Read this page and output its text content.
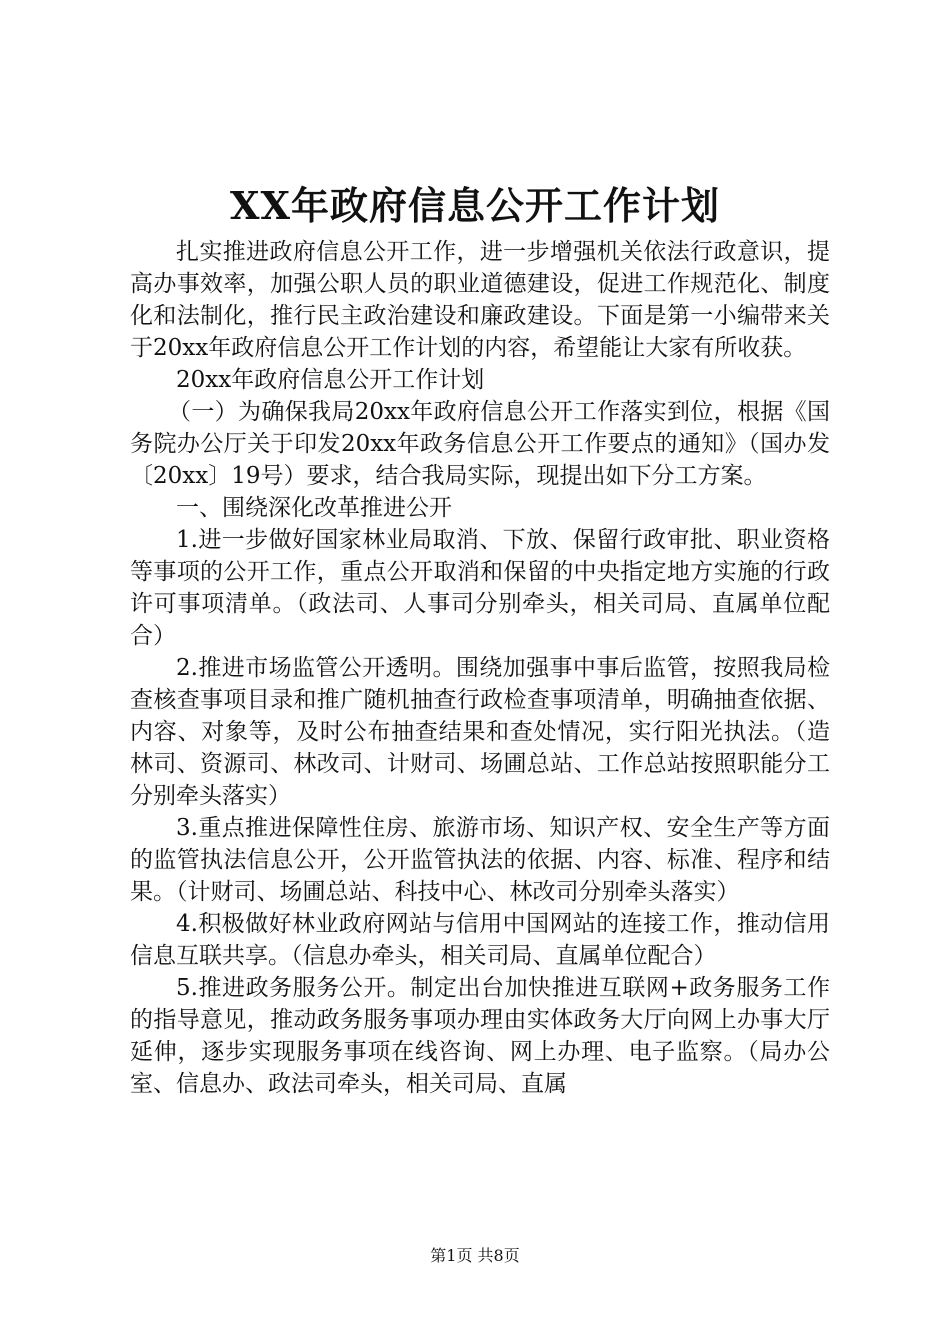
XX年政府信息公开工作计划

扎实推进政府信息公开工作，进一步增强机关依法行政意识，提高办事效率，加强公职人员的职业道德建设，促进工作规范化、制度化和法制化，推行民主政治建设和廉政建设。下面是第一小编带来关于20xx年政府信息公开工作计划的内容，希望能让大家有所收获。

20xx年政府信息公开工作计划

（一）为确保我局20xx年政府信息公开工作落实到位，根据《国务院办公厅关于印发20xx年政务信息公开工作要点的通知》（国办发〔20xx〕19号）要求，结合我局实际，现提出如下分工方案。

一、围绕深化改革推进公开

1.进一步做好国家林业局取消、下放、保留行政审批、职业资格等事项的公开工作，重点公开取消和保留的中央指定地方实施的行政许可事项清单。（政法司、人事司分别牵头，相关司局、直属单位配合）

2.推进市场监管公开透明。围绕加强事中事后监管，按照我局检查核查事项目录和推广随机抽查行政检查事项清单，明确抽查依据、内容、对象等，及时公布抽查结果和查处情况，实行阳光执法。（造林司、资源司、林改司、计财司、场圃总站、工作总站按照职能分工分别牵头落实）

3.重点推进保障性住房、旅游市场、知识产权、安全生产等方面的监管执法信息公开，公开监管执法的依据、内容、标准、程序和结果。（计财司、场圃总站、科技中心、林改司分别牵头落实）

4.积极做好林业政府网站与信用中国网站的连接工作，推动信用信息互联共享。（信息办牵头，相关司局、直属单位配合）

5.推进政务服务公开。制定出台加快推进互联网+政务服务工作的指导意见，推动政务服务事项办理由实体政务大厅向网上办事大厅延伸，逐步实现服务事项在线咨询、网上办理、电子监察。（局办公室、信息办、政法司牵头，相关司局、直属

第1页 共8页
